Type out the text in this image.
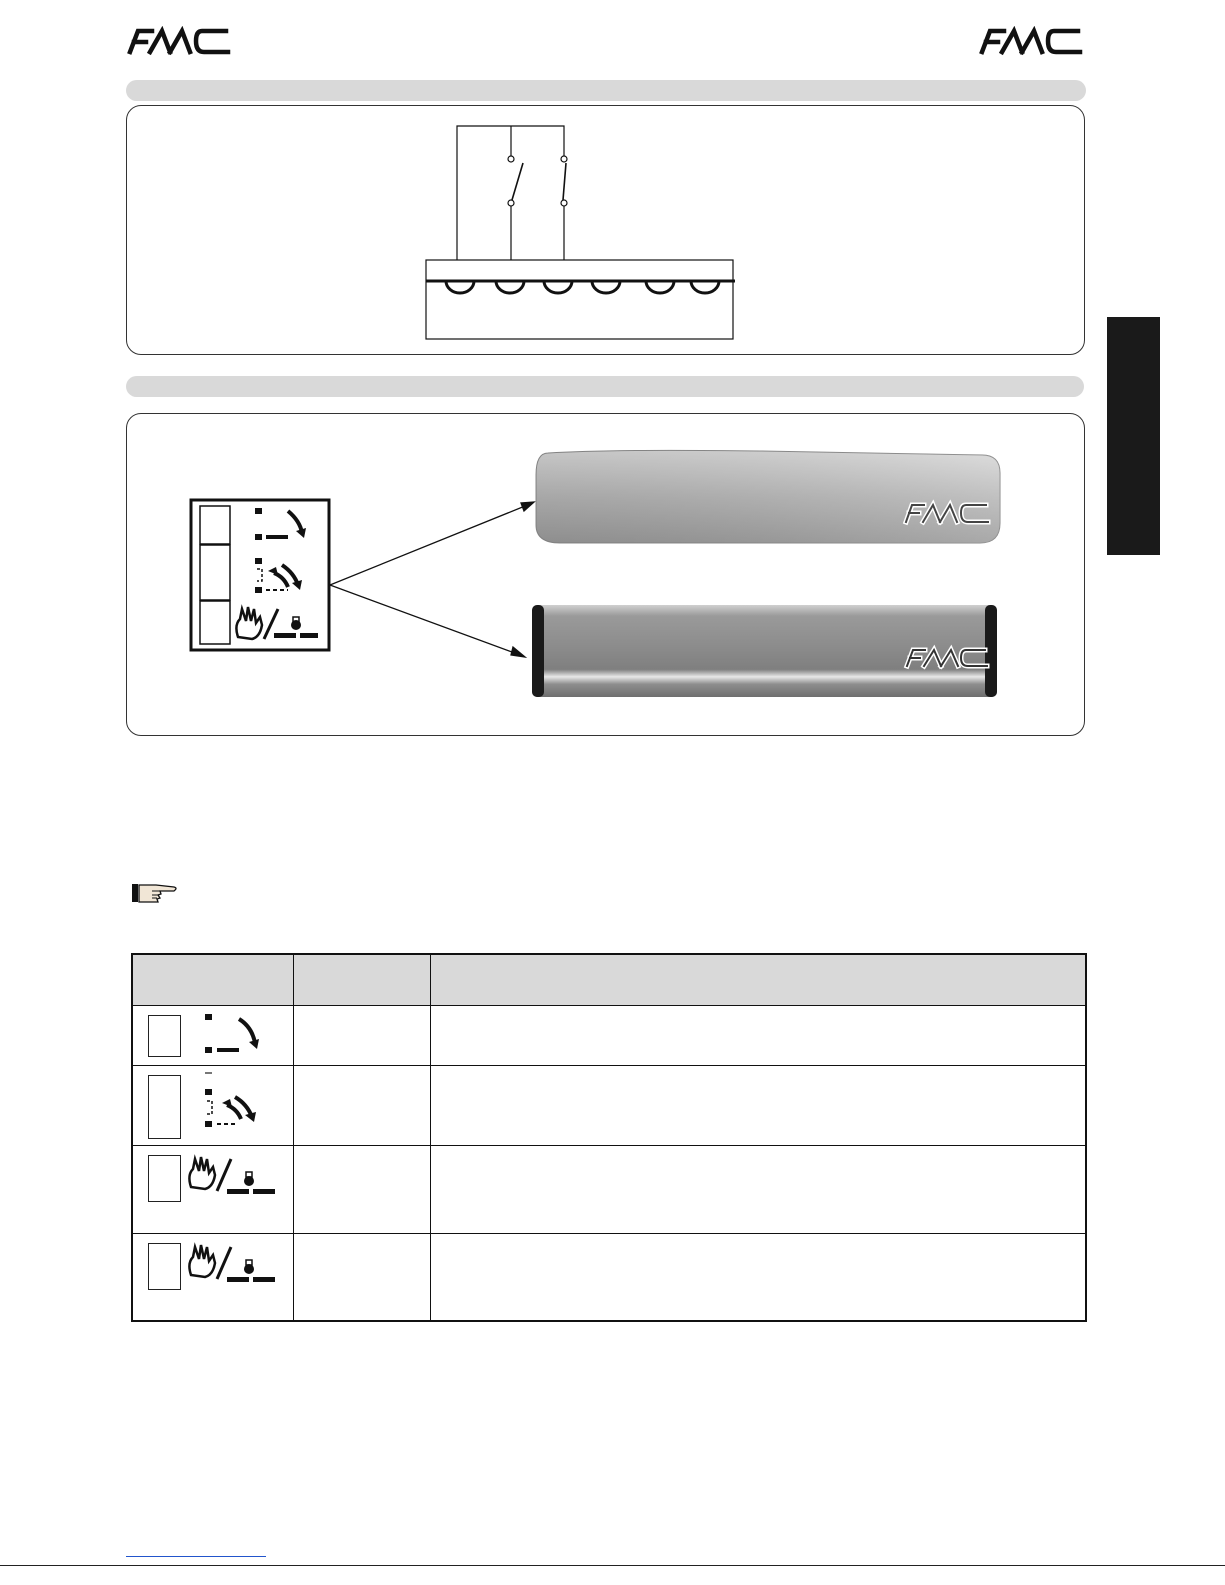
FAAC	FAAC
FAAC
FAAC
